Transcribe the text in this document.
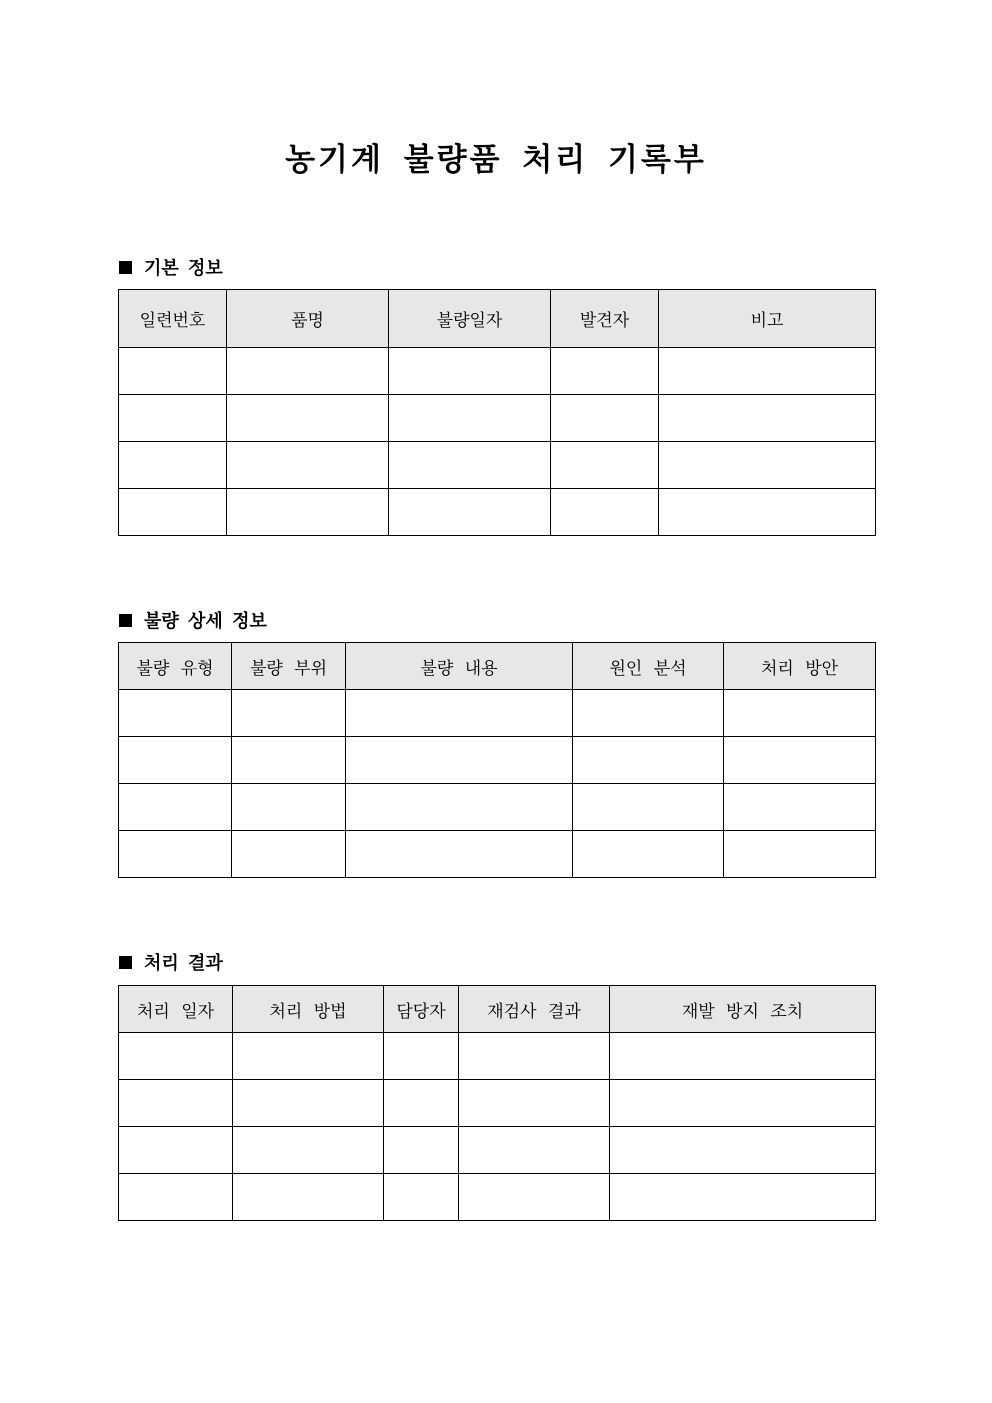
농기계 불량품 처리 기록부
기본 정보
일련번호	품명	불량일자	발견자	비고

불량 상세 정보
불량 유형	불량 부위	불량 내용	원인 분석	처리 방안

처리 결과
처리 일자	처리 방법	담당자	재검사 결과	재발 방지 조치
